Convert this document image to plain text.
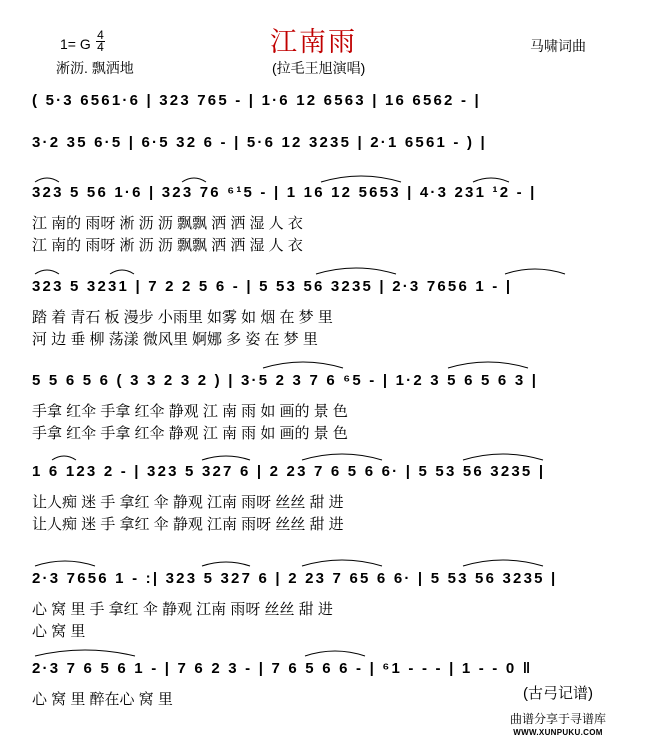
江南雨
1= G
4
4
淅沥. 飘洒地	(拉毛王旭演唱)
马啸词曲
( 5·3 6561·6 | 323 765 - | 1·6 12 6563 | 16 6562 - |
3·2 35 6·5 | 6·5 32 6 - | 5·6 12 3235 | 2·1 6561 - ) |
323 5 56 1·6 | 323 76 ⁶¹5 - | 1 16 12 5653 | 4·3 231 ¹2 - |
江 南的 雨呀 淅 沥 沥 飘飘 洒 洒 湿 人 衣
江 南的 雨呀 淅 沥 沥 飘飘 洒 洒 湿 人 衣
323 5 3231 | 7 2 2 5 6 - | 5 53 56 3235 | 2·3 7656 1 - |
踏 着 青石 板 漫步 小雨里 如雾 如 烟 在 梦 里
河 边 垂 柳 荡漾 微风里 婀娜 多 姿 在 梦 里
5 5 6 5 6 ( 3 3 2 3 2 ) | 3·5 2 3 7 6 ⁶5 - | 1·2 3 5 6 5 6 3 |
手拿 红伞 手拿 红伞 静观 江 南 雨 如 画的 景 色
手拿 红伞 手拿 红伞 静观 江 南 雨 如 画的 景 色
1 6 123 2 - | 323 5 327 6 | 2 23 7 6 5 6 6· | 5 53 56 3235 |
让人痴 迷 手 拿红 伞 静观 江南 雨呀 丝丝 甜 进
让人痴 迷 手 拿红 伞 静观 江南 雨呀 丝丝 甜 进
2·3 7656 1 - :| 323 5 327 6 | 2 23 7 65 6 6· | 5 53 56 3235 |
心 窝 里 手 拿红 伞 静观 江南 雨呀 丝丝 甜 进
心 窝 里
2·3 7 6 5 6 1 - | 7 6 2 3 - | 7 6 5 6 6 - | ⁶1 - - - | 1 - - 0 ‖
心 窝 里 醉在心 窝 里	(古弓记谱)
曲谱分享于寻谱库
WWW.XUNPUKU.COM
